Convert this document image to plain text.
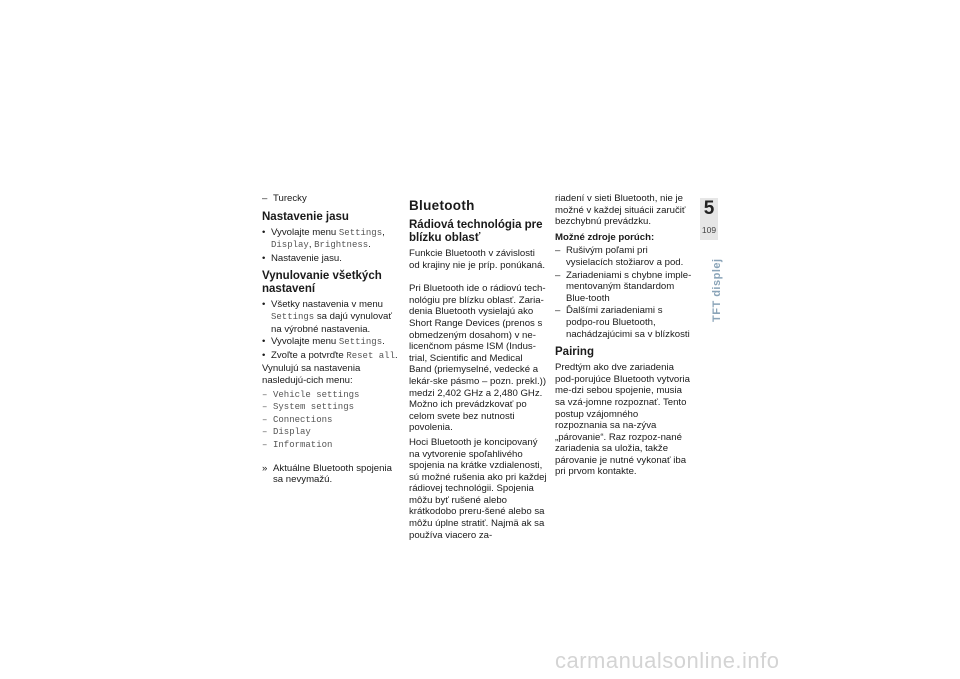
– Turecky
Nastavenie jasu
• Vyvolajte menu Settings,
Display, Brightness.
• Nastavenie jasu.
Vynulovanie všetkých nastavení
• Všetky nastavenia v menu Settings sa dajú vynulovať na výrobné nastavenia.
• Vyvolajte menu Settings.
• Zvoľte a potvrďte Reset all.

Vynulujú sa nastavenia nasledujú-cich menu:

– Vehicle settings
– System settings
– Connections
– Display
– Information
» Aktuálne Bluetooth spojenia sa nevymažú.
Bluetooth
Rádiová technológia pre blízku oblasť

Funkcie Bluetooth v závislosti od krajiny nie je príp. ponúkaná.

Pri Bluetooth ide o rádiovú tech-nológiu pre blízku oblasť. Zaria-denia Bluetooth vysielajú ako Short Range Devices (prenos s obmedzeným dosahom) v ne-licenčnom pásme ISM (Indus-trial, Scientific and Medical Band (priemyselné, vedecké a lekár-ske pásmo – pozn. prekl.)) medzi 2,402 GHz a 2,480 GHz. Možno ich prevádzkovať po celom svete bez nutnosti povolenia.

Hoci Bluetooth je koncipovaný na vytvorenie spoľahlivého spojenia na krátke vzdialenosti, sú možné rušenia ako pri každej rádiovej technológii. Spojenia môžu byť rušené alebo krátkodobo preru-šené alebo sa môžu úplne stratiť. Najmä ak sa používa viacero za-

riadení v sieti Bluetooth, nie je možné v každej situácii zaručiť bezchybnú prevádzku.

Možné zdroje porúch:
– Rušivým poľami pri vysielacích stožiarov a pod.
– Zariadeniami s chybne imple-mentovaným štandardom Blue-tooth
– Ďalšími zariadeniami s podpo-rou Bluetooth, nachádzajúcimi sa v blízkosti
Pairing

Predtým ako dve zariadenia pod-porujúce Bluetooth vytvoria me-dzi sebou spojenie, musia sa vzá-jomne rozpoznať. Tento postup vzájomného rozpoznania sa na-zýva „párovanie“. Raz rozpoz-nané zariadenia sa uložia, takže párovanie je nutné vykonať iba pri prvom kontakte.

5
109
TFT displej
carmanualsonline.info
